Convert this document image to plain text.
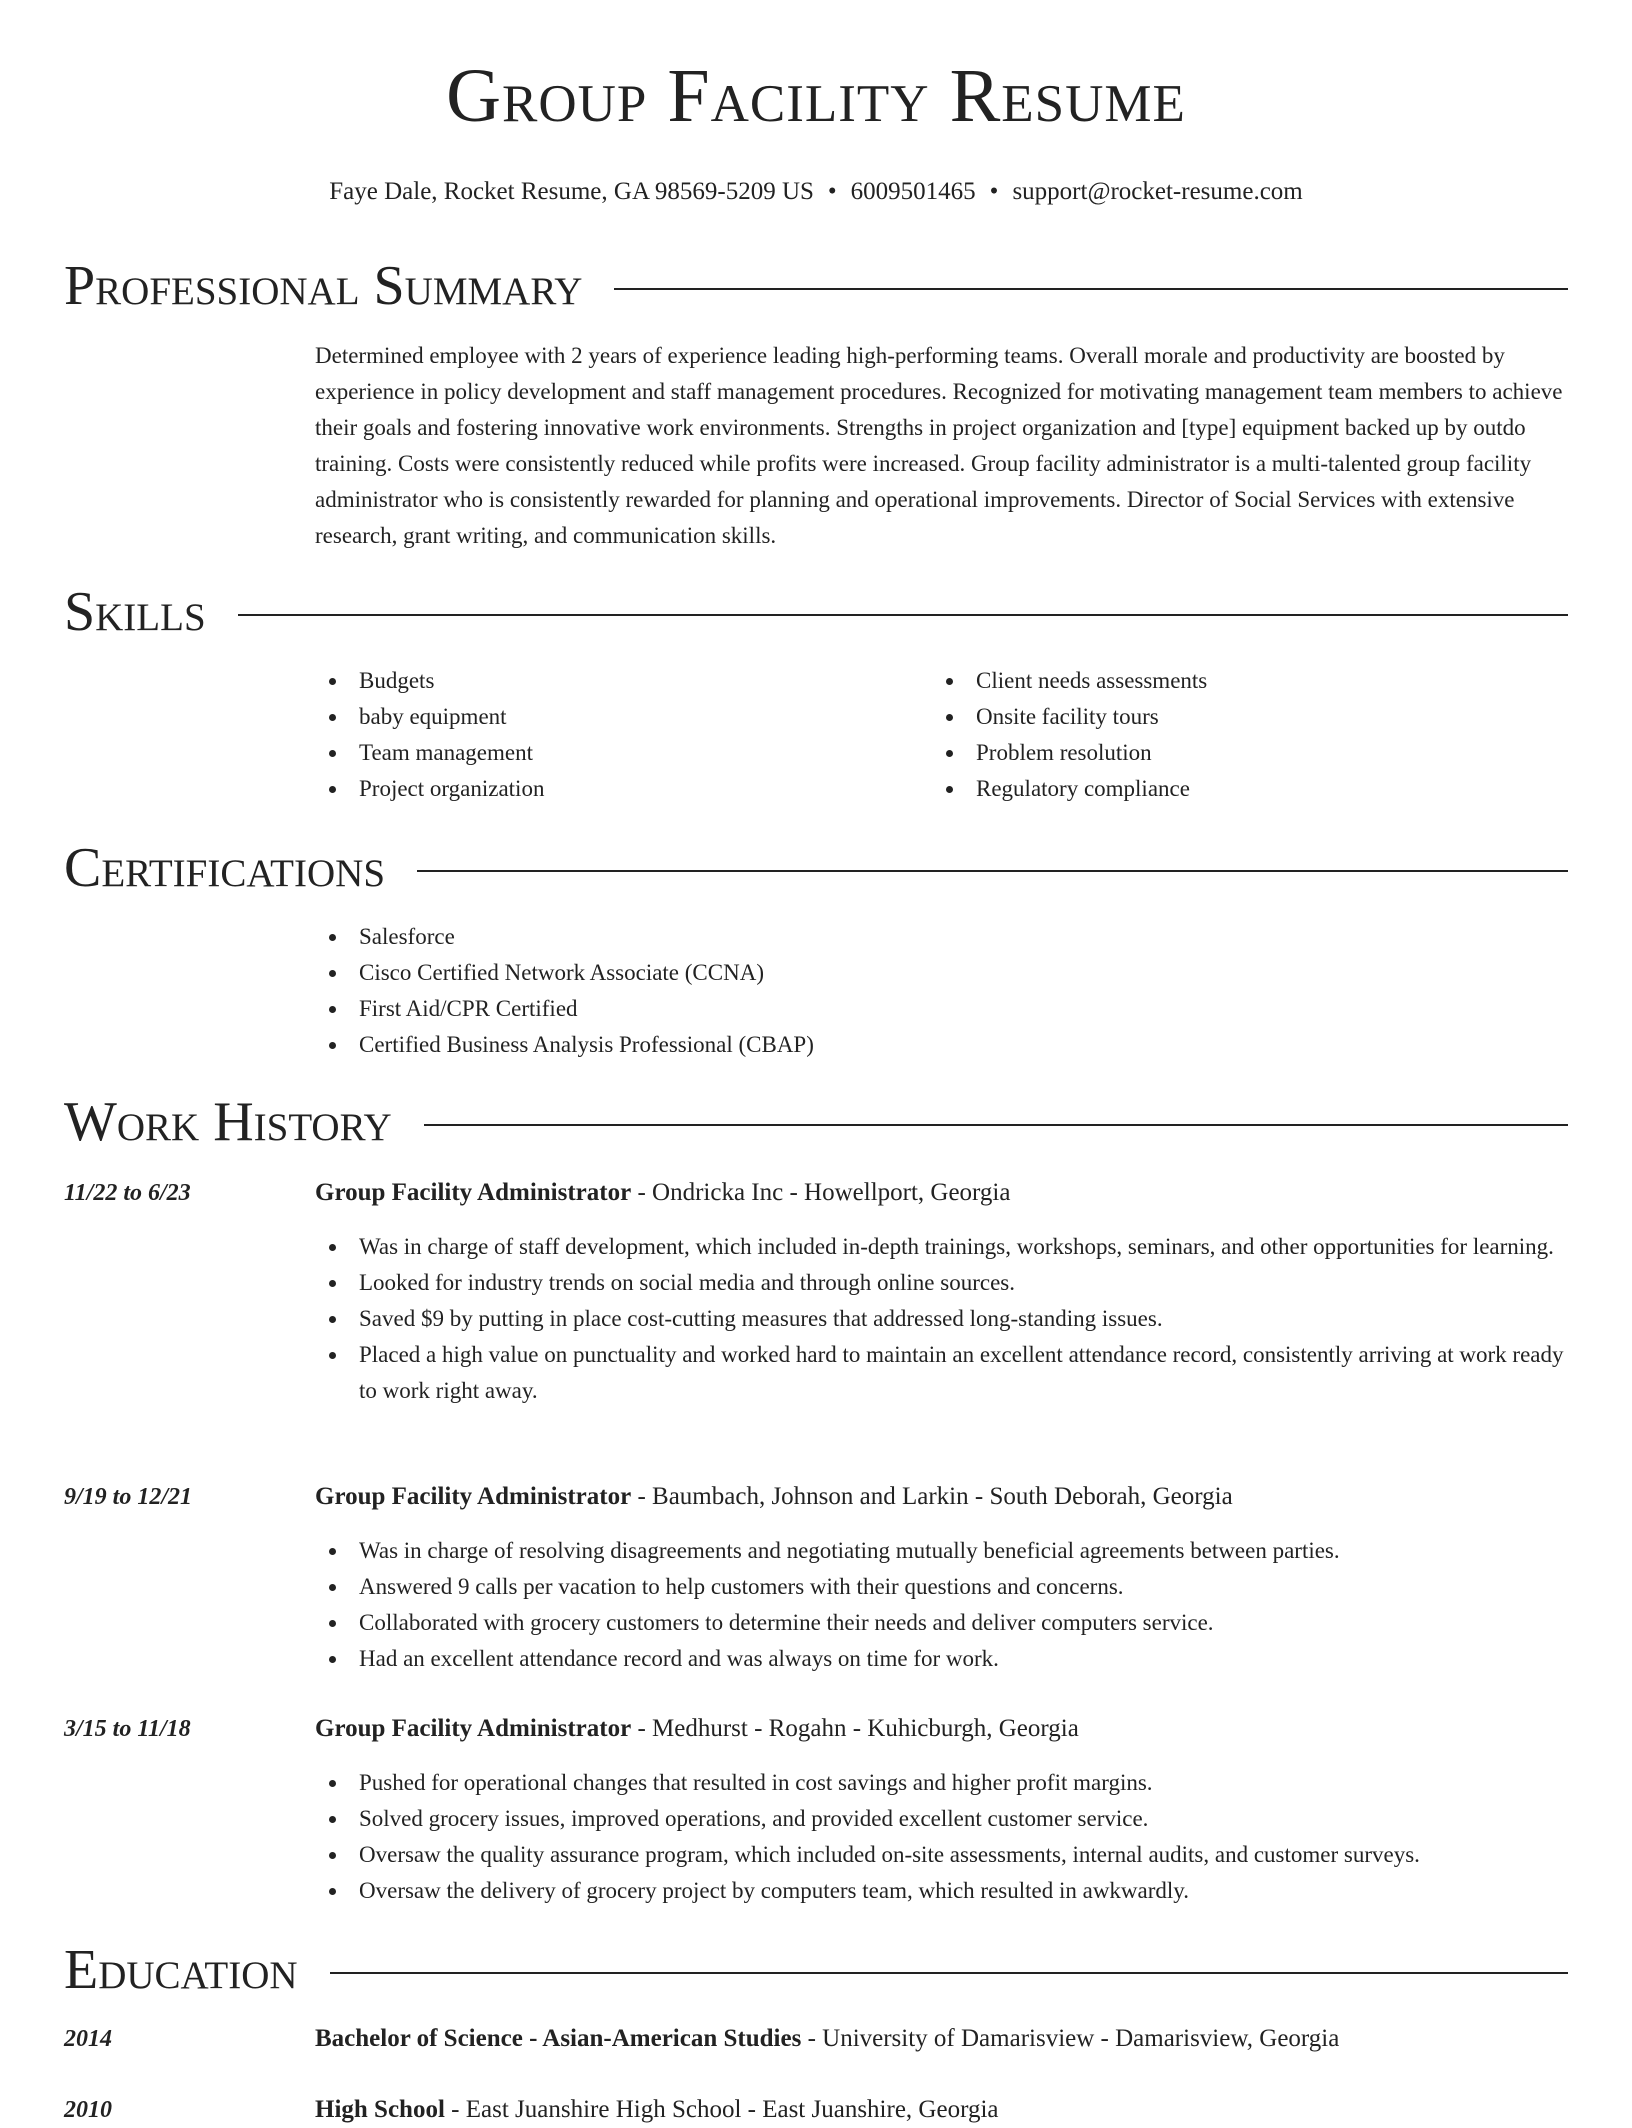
Group Facility Resume
Faye Dale, Rocket Resume, GA 98569-5209 US • 6009501465 • support@rocket-resume.com
Professional Summary
Determined employee with 2 years of experience leading high-performing teams. Overall morale and productivity are boosted by experience in policy development and staff management procedures. Recognized for motivating management team members to achieve their goals and fostering innovative work environments. Strengths in project organization and [type] equipment backed up by outdo training. Costs were consistently reduced while profits were increased. Group facility administrator is a multi-talented group facility administrator who is consistently rewarded for planning and operational improvements. Director of Social Services with extensive research, grant writing, and communication skills.
Skills
Budgets
baby equipment
Team management
Project organization
Client needs assessments
Onsite facility tours
Problem resolution
Regulatory compliance
Certifications
Salesforce
Cisco Certified Network Associate (CCNA)
First Aid/CPR Certified
Certified Business Analysis Professional (CBAP)
Work History
11/22 to 6/23	Group Facility Administrator - Ondricka Inc - Howellport, Georgia
Was in charge of staff development, which included in-depth trainings, workshops, seminars, and other opportunities for learning.
Looked for industry trends on social media and through online sources.
Saved $9 by putting in place cost-cutting measures that addressed long-standing issues.
Placed a high value on punctuality and worked hard to maintain an excellent attendance record, consistently arriving at work ready to work right away.
9/19 to 12/21	Group Facility Administrator - Baumbach, Johnson and Larkin - South Deborah, Georgia
Was in charge of resolving disagreements and negotiating mutually beneficial agreements between parties.
Answered 9 calls per vacation to help customers with their questions and concerns.
Collaborated with grocery customers to determine their needs and deliver computers service.
Had an excellent attendance record and was always on time for work.
3/15 to 11/18	Group Facility Administrator - Medhurst - Rogahn - Kuhicburgh, Georgia
Pushed for operational changes that resulted in cost savings and higher profit margins.
Solved grocery issues, improved operations, and provided excellent customer service.
Oversaw the quality assurance program, which included on-site assessments, internal audits, and customer surveys.
Oversaw the delivery of grocery project by computers team, which resulted in awkwardly.
Education
2014	Bachelor of Science - Asian-American Studies - University of Damarisview - Damarisview, Georgia
2010	High School - East Juanshire High School - East Juanshire, Georgia
